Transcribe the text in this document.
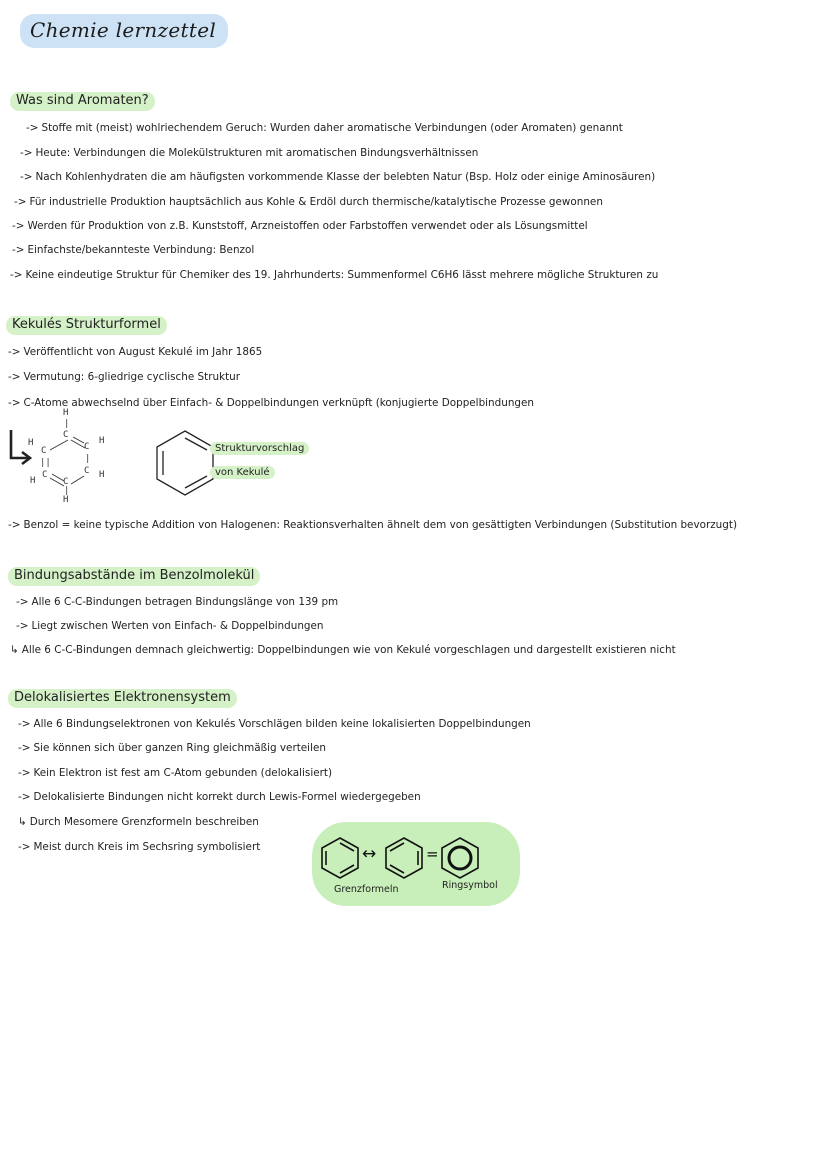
Chemie lernzettel
Was sind Aromaten?
-> Stoffe mit (meist) wohlriechendem Geruch: Wurden daher aromatische Verbindungen (oder Aromaten) genannt
-> Heute: Verbindungen die Molekülstrukturen mit aromatischen Bindungsverhältnissen
-> Nach Kohlenhydraten die am häufigsten vorkommende Klasse der belebten Natur (Bsp. Holz oder einige Aminosäuren)
-> Für industrielle Produktion hauptsächlich aus Kohle & Erdöl durch thermische/katalytische Prozesse gewonnen
-> Werden für Produktion von z.B. Kunststoff, Arzneistoffen oder Farbstoffen verwendet oder als Lösungsmittel
-> Einfachste/bekannteste Verbindung: Benzol
-> Keine eindeutige Struktur für Chemiker des 19. Jahrhunderts: Summenformel C6H6 lässt mehrere mögliche Strukturen zu
Kekulés Strukturformel
-> Veröffentlicht von August Kekulé im Jahr 1865
-> Vermutung: 6-gliedrige cyclische Struktur
-> C-Atome abwechselnd über Einfach- & Doppelbindungen verknüpft (konjugierte Doppelbindungen
H
|
C
H
C	C
H
||	|
H
C	C H
C
|
H
Strukturvorschlag
von Kekulé
-> Benzol = keine typische Addition von Halogenen: Reaktionsverhalten ähnelt dem von gesättigten Verbindungen (Substitution bevorzugt)
Bindungsabstände im Benzolmolekül
-> Alle 6 C-C-Bindungen betragen Bindungslänge von 139 pm
-> Liegt zwischen Werten von Einfach- & Doppelbindungen
↳ Alle 6 C-C-Bindungen demnach gleichwertig: Doppelbindungen wie von Kekulé vorgeschlagen und dargestellt existieren nicht
Delokalisiertes Elektronensystem
-> Alle 6 Bindungselektronen von Kekulés Vorschlägen bilden keine lokalisierten Doppelbindungen
-> Sie können sich über ganzen Ring gleichmäßig verteilen
-> Kein Elektron ist fest am C-Atom gebunden (delokalisiert)
-> Delokalisierte Bindungen nicht korrekt durch Lewis-Formel wiedergegeben
↳ Durch Mesomere Grenzformeln beschreiben
-> Meist durch Kreis im Sechsring symbolisiert	↔	=
Grenzformeln	Ringsymbol
